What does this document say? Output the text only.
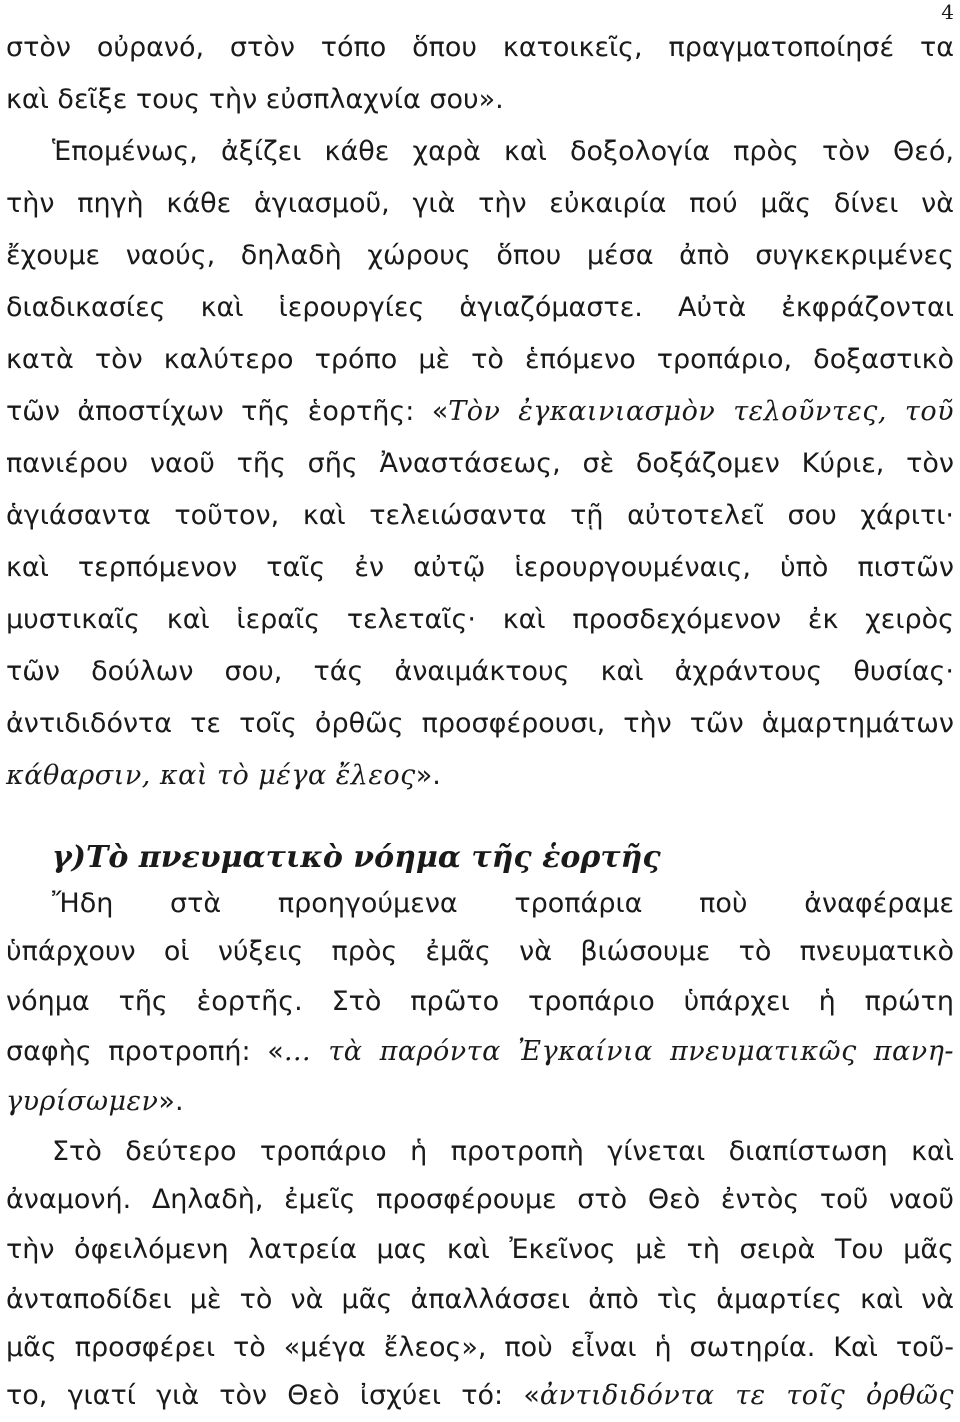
4
στὸν οὐρανό, στὸν τόπο ὅπου κατοικεῖς, πραγματοποίησέ τα
καὶ δεῖξε τους τὴν εὐσπλαχνία σου».
Ἑπομένως, ἀξίζει κάθε χαρὰ καὶ δοξολογία πρὸς τὸν Θεό,
τὴν πηγὴ κάθε ἁγιασμοῦ, γιὰ τὴν εὐκαιρία πού μᾶς δίνει νὰ
ἔχουμε ναούς, δηλαδὴ χώρους ὅπου μέσα ἀπὸ συγκεκριμένες
διαδικασίες καὶ ἱερουργίες ἁγιαζόμαστε. Αὐτὰ ἐκφράζονται
κατὰ τὸν καλύτερο τρόπο μὲ τὸ ἑπόμενο τροπάριο, δοξαστικὸ
τῶν ἀποστίχων τῆς ἑορτῆς: «Τὸν ἐγκαινιασμὸν τελοῦντες, τοῦ
πανιέρου ναοῦ τῆς σῆς Ἀναστάσεως, σὲ δοξάζομεν Κύριε, τὸν
ἁγιάσαντα τοῦτον, καὶ τελειώσαντα τῇ αὐτοτελεῖ σου χάριτι·
καὶ τερπόμενον ταῖς ἐν αὐτῷ ἱερουργουμέναις, ὑπὸ πιστῶν
μυστικαῖς καὶ ἱεραῖς τελεταῖς· καὶ προσδεχόμενον ἐκ χειρὸς
τῶν δούλων σου, τάς ἀναιμάκτους καὶ ἀχράντους θυσίας·
ἀντιδιδόντα τε τοῖς ὀρθῶς προσφέρουσι, τὴν τῶν ἁμαρτημάτων
κάθαρσιν, καὶ τὸ μέγα ἔλεος».
γ)Τὸ πνευματικὸ νόημα τῆς ἑορτῆς
Ἤδη στὰ προηγούμενα τροπάρια ποὺ ἀναφέραμε
ὑπάρχουν οἱ νύξεις πρὸς ἐμᾶς νὰ βιώσουμε τὸ πνευματικὸ
νόημα τῆς ἑορτῆς. Στὸ πρῶτο τροπάριο ὑπάρχει ἡ πρώτη
σαφὴς προτροπή: «… τὰ παρόντα Ἐγκαίνια πνευματικῶς πανη-
γυρίσωμεν».
Στὸ δεύτερο τροπάριο ἡ προτροπὴ γίνεται διαπίστωση καὶ
ἀναμονή. Δηλαδὴ, ἐμεῖς προσφέρουμε στὸ Θεὸ ἐντὸς τοῦ ναοῦ
τὴν ὀφειλόμενη λατρεία μας καὶ Ἐκεῖνος μὲ τὴ σειρὰ Του μᾶς
ἀνταποδίδει μὲ τὸ νὰ μᾶς ἀπαλλάσσει ἀπὸ τὶς ἁμαρτίες καὶ νὰ
μᾶς προσφέρει τὸ «μέγα ἔλεος», ποὺ εἶναι ἡ σωτηρία. Καὶ τοῦ-
το, γιατί γιὰ τὸν Θεὸ ἰσχύει τό: «ἀντιδιδόντα τε τοῖς ὀρθῶς
